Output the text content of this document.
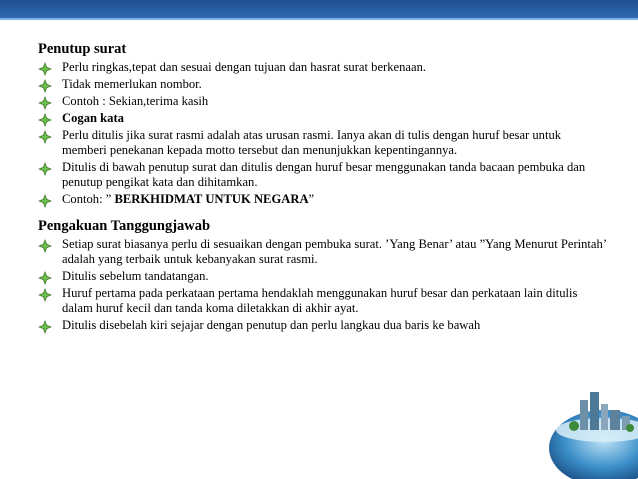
Penutup surat
Perlu ringkas,tepat dan sesuai dengan tujuan dan hasrat surat berkenaan.
Tidak memerlukan nombor.
Contoh : Sekian,terima kasih
Cogan kata
Perlu ditulis jika surat rasmi adalah atas urusan rasmi. Ianya akan di tulis dengan huruf besar untuk memberi penekanan kepada motto tersebut dan menunjukkan kepentingannya.
Ditulis di bawah penutup surat dan ditulis dengan huruf besar menggunakan tanda bacaan pembuka dan penutup pengikat kata dan dihitamkan.
Contoh: ” BERKHIDMAT UNTUK NEGARA”
Pengakuan Tanggungjawab
Setiap surat biasanya perlu di sesuaikan dengan pembuka surat. ’Yang Benar’ atau ”Yang Menurut Perintah’ adalah yang terbaik untuk kebanyakan surat rasmi.
Ditulis sebelum tandatangan.
Huruf pertama pada perkataan pertama hendaklah menggunakan huruf besar dan perkataan lain ditulis dalam huruf kecil dan tanda koma diletakkan di akhir ayat.
Ditulis disebelah kiri sejajar dengan penutup dan perlu langkau dua baris ke bawah
